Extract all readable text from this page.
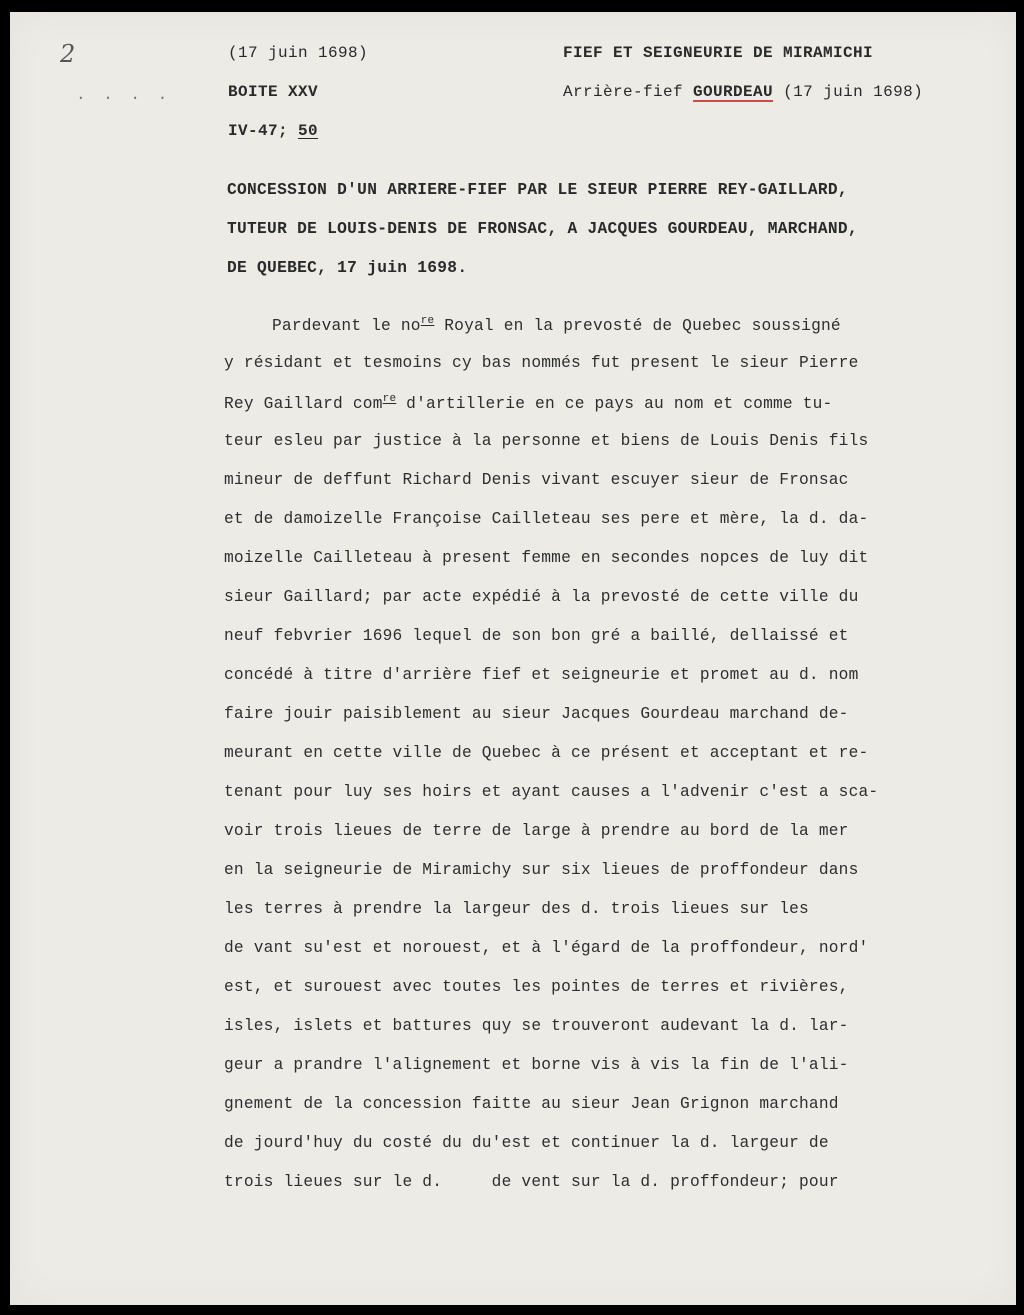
2
. . . .
(17 juin 1698)
BOITE XXV
IV-47; 50
FIEF ET SEIGNEURIE DE MIRAMICHI
Arrière-fief GOURDEAU (17 juin 1698)
CONCESSION D'UN ARRIERE-FIEF PAR LE SIEUR PIERRE REY-GAILLARD,
TUTEUR DE LOUIS-DENIS DE FRONSAC, A JACQUES GOURDEAU, MARCHAND,
DE QUEBEC, 17 juin 1698.
Pardevant le $no^{re}$ Royal en la prevosté de Quebec soussigné
y résidant et tesmoins cy bas nommés fut present le sieur Pierre
Rey Gaillard com$^{re}$ d'artillerie en ce pays au nom et comme tu-
teur esleu par justice à la personne et biens de Louis Denis fils
mineur de deffunt Richard Denis vivant escuyer sieur de Fronsac
et de damoizelle Françoise Cailleteau ses pere et mère, la d. da-
moizelle Cailleteau à present femme en secondes nopces de luy dit
sieur Gaillard; par acte expédié à la prevosté de cette ville du
neuf febvrier 1696 lequel de son bon gré a baillé, dellaissé et
concédé à titre d'arrière fief et seigneurie et promet au d. nom
faire jouir paisiblement au sieur Jacques Gourdeau marchand de-
meurant en cette ville de Quebec à ce présent et acceptant et re-
tenant pour luy ses hoirs et ayant causes a l'advenir c'est a sca-
voir trois lieues de terre de large à prendre au bord de la mer
en la seigneurie de Miramichy sur six lieues de proffondeur dans
les terres à prendre la largeur des d. trois lieues sur les
de vant su'est et norouest, et à l'égard de la proffondeur, nord'
est, et surouest avec toutes les pointes de terres et rivières,
isles, islets et battures quy se trouveront audevant la d. lar-
geur a prandre l'alignement et borne vis à vis la fin de l'ali-
gnement de la concession faitte au sieur Jean Grignon marchand
de jourd'huy du costé du du'est et continuer la d. largeur de
trois lieues sur le d.     de vent sur la d. proffondeur; pour
